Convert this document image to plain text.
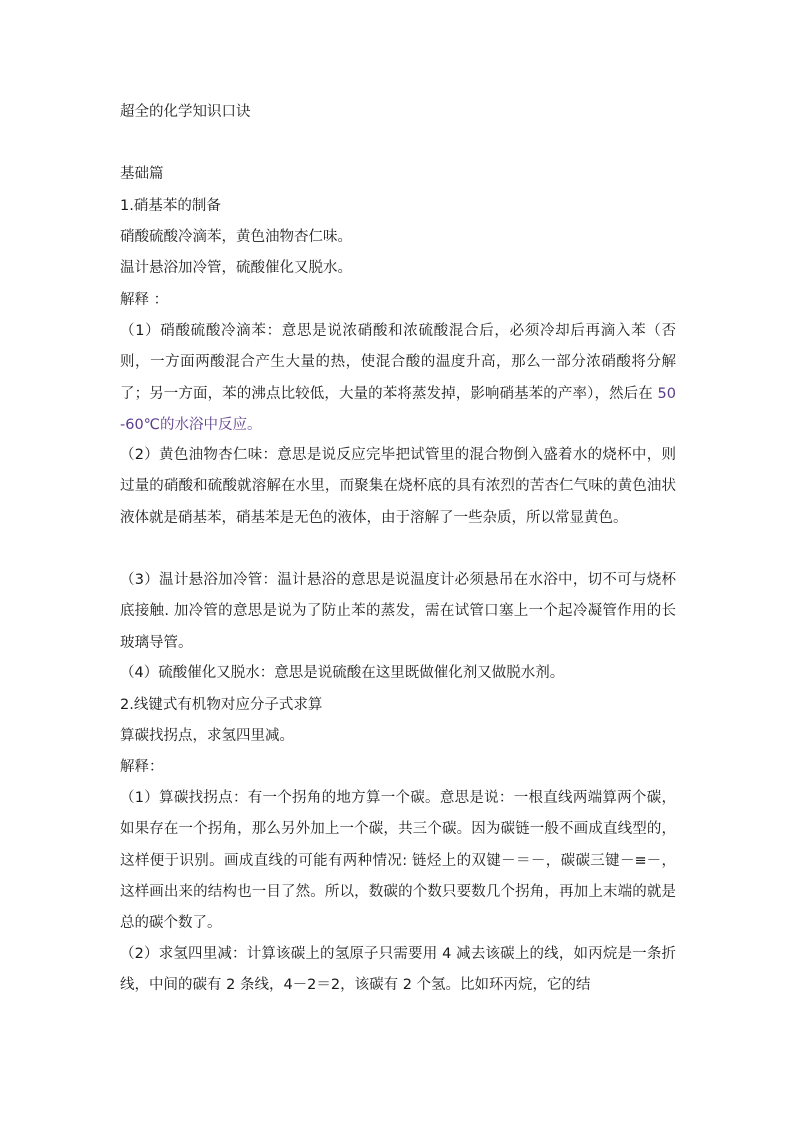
超全的化学知识口诀
基础篇
1.硝基苯的制备
硝酸硫酸冷滴苯，黄色油物杏仁味。
温计悬浴加冷管，硫酸催化又脱水。
解释 ：

（1）硝酸硫酸冷滴苯：意思是说浓硝酸和浓硫酸混合后，必须冷却后再滴入苯（否则，一方面两酸混合产生大量的热，使混合酸的温度升高，那么一部分浓硝酸将分解了；另一方面，苯的沸点比较低，大量的苯将蒸发掉，影响硝基苯的产率），然后在 50 -60℃的水浴中反应。

（2）黄色油物杏仁味：意思是说反应完毕把试管里的混合物倒入盛着水的烧杯中，则过量的硝酸和硫酸就溶解在水里，而聚集在烧杯底的具有浓烈的苦杏仁气味的黄色油状液体就是硝基苯，硝基苯是无色的液体，由于溶解了一些杂质，所以常显黄色。

（3）温计悬浴加冷管：温计悬浴的意思是说温度计必须悬吊在水浴中，切不可与烧杯底接触. 加冷管的意思是说为了防止苯的蒸发，需在试管口塞上一个起冷凝管作用的长玻璃导管。

（4）硫酸催化又脱水：意思是说硫酸在这里既做催化剂又做脱水剂。

2.线键式有机物对应分子式求算
算碳找拐点，求氢四里减。
解释：

（1）算碳找拐点：有一个拐角的地方算一个碳。意思是说：一根直线两端算两个碳，如果存在一个拐角，那么另外加上一个碳，共三个碳。因为碳链一般不画成直线型的，这样便于识别。画成直线的可能有两种情况: 链烃上的双键－＝－，碳碳三键－≡－，这样画出来的结构也一目了然。所以，数碳的个数只要数几个拐角，再加上末端的就是总的碳个数了。

（2）求氢四里减：计算该碳上的氢原子只需要用 4 减去该碳上的线，如丙烷是一条折线，中间的碳有 2 条线，4－2＝2，该碳有 2 个氢。比如环丙烷，它的结
